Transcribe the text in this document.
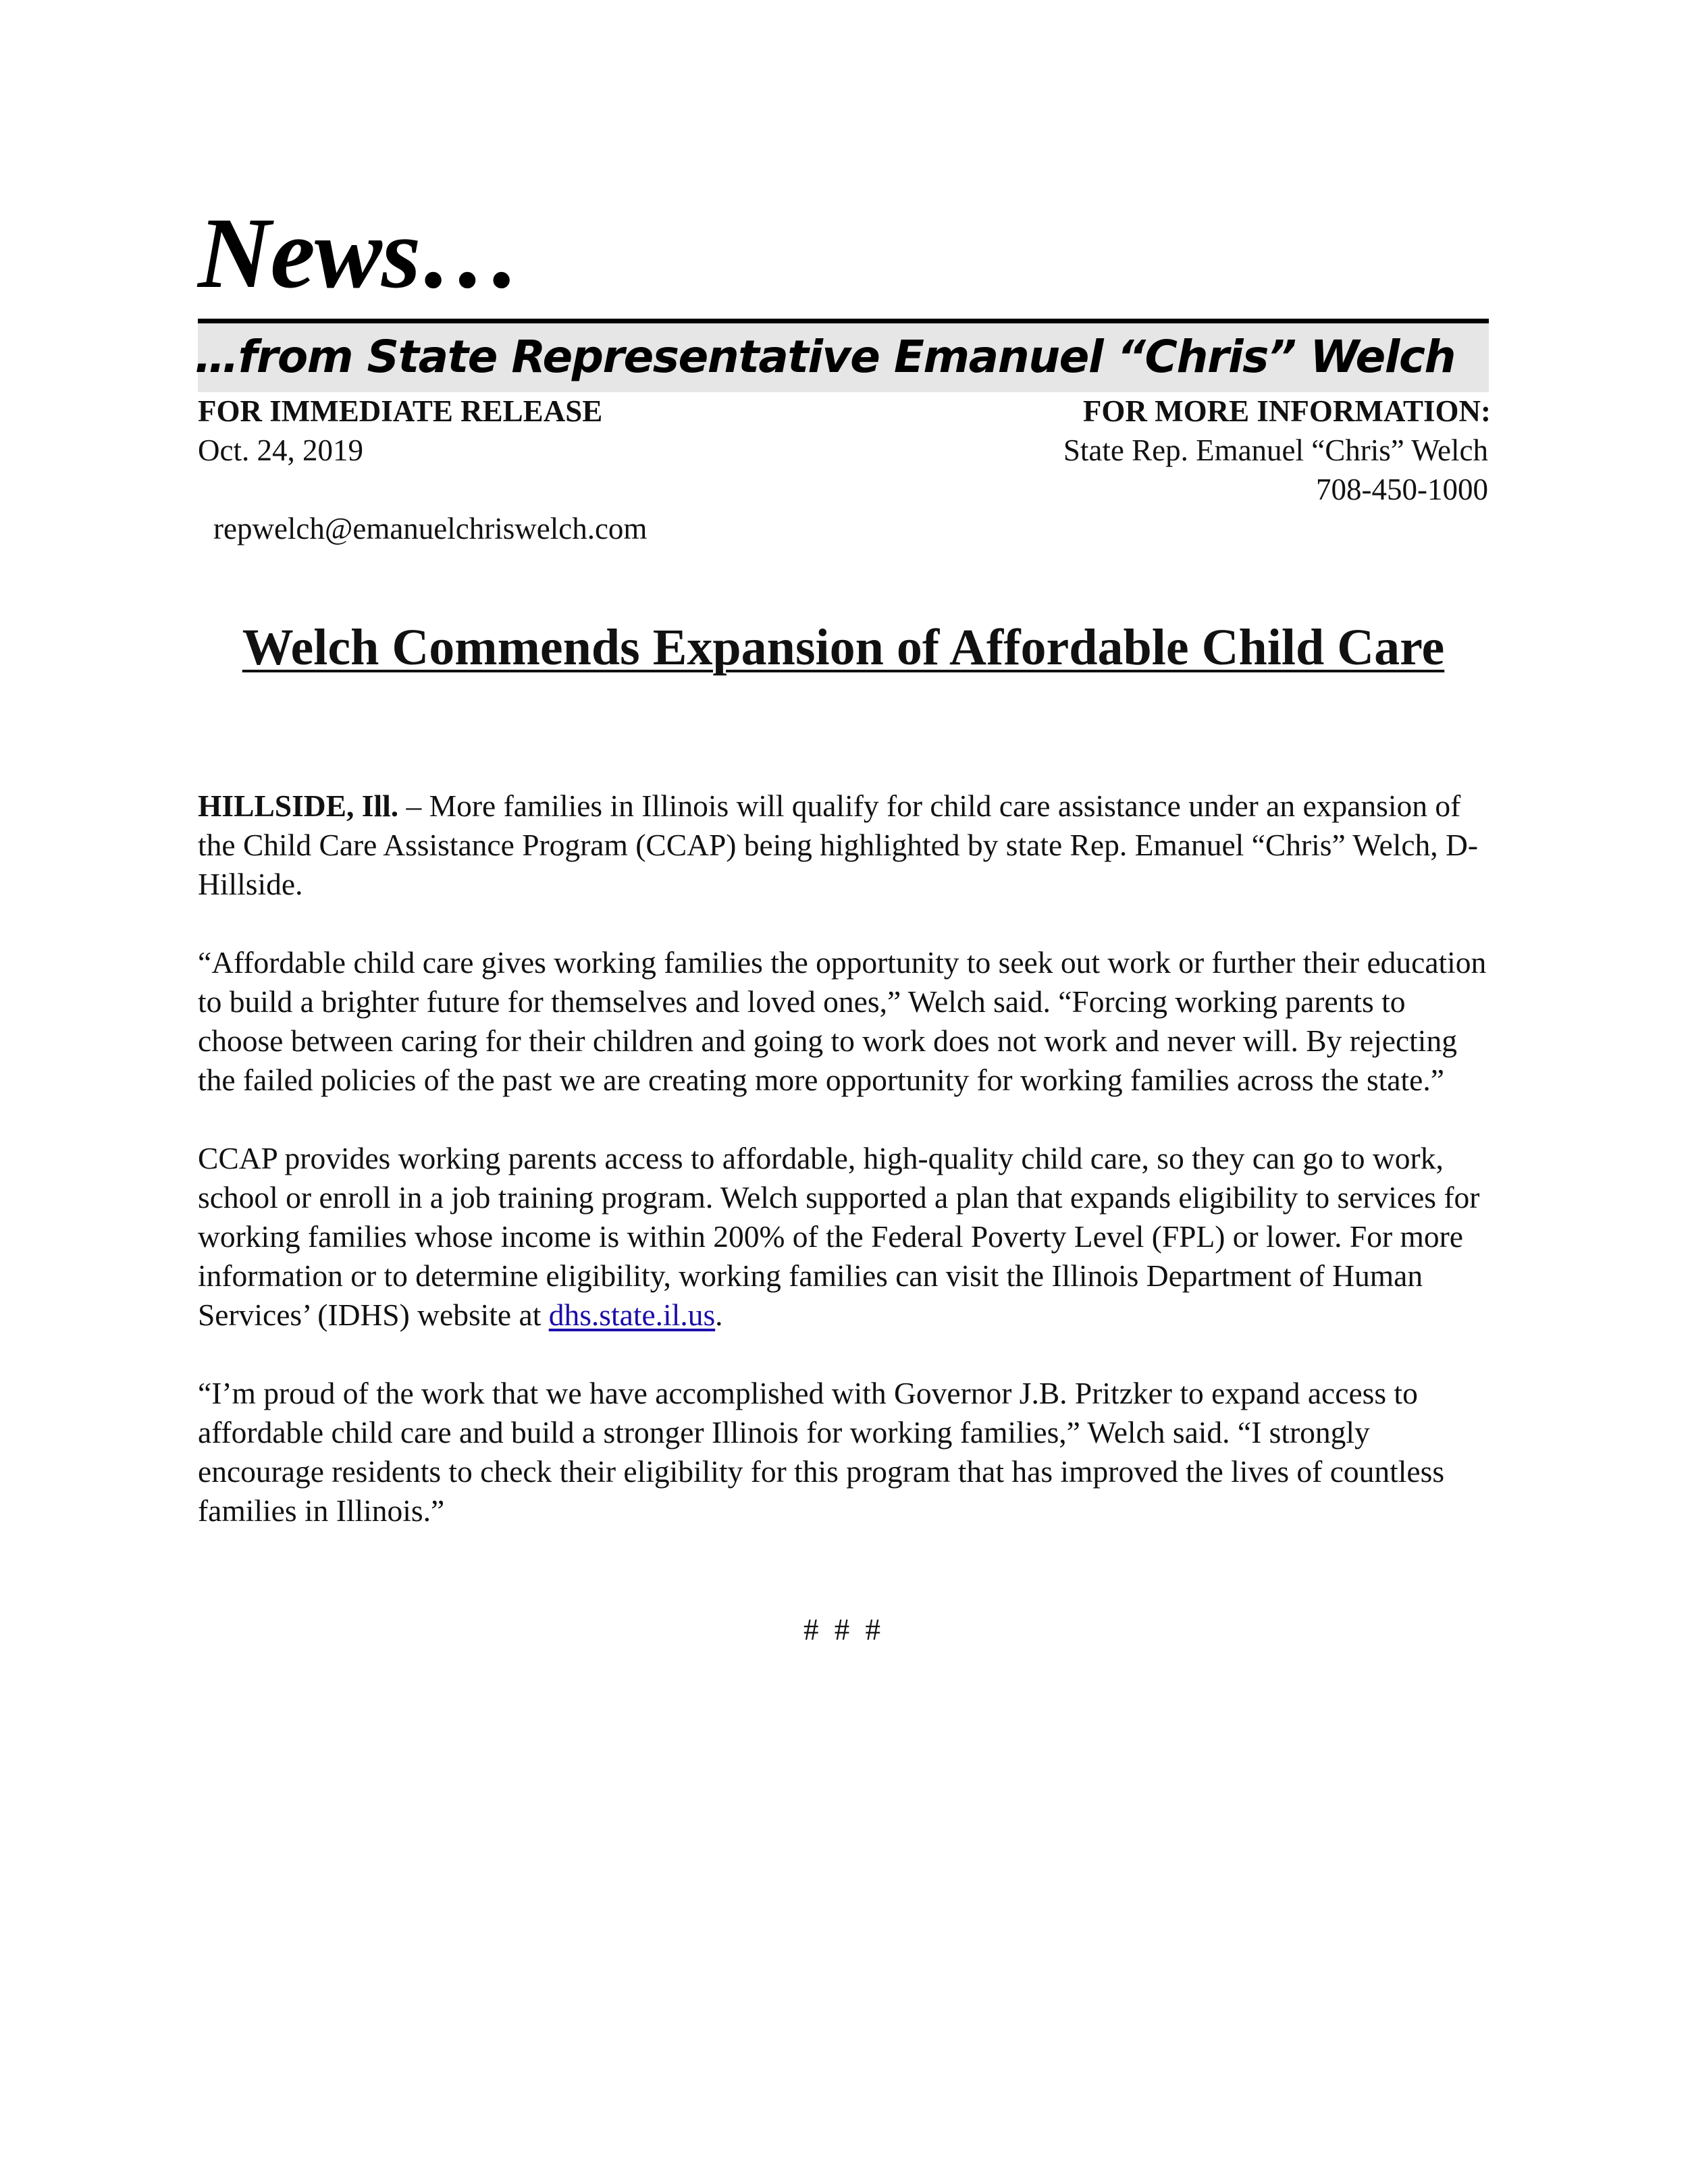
News…
…from State Representative Emanuel “Chris” Welch
FOR IMMEDIATE RELEASE
Oct. 24, 2019
FOR MORE INFORMATION:
State Rep. Emanuel “Chris” Welch
708-450-1000
repwelch@emanuelchriswelch.com
Welch Commends Expansion of Affordable Child Care

HILLSIDE, Ill. – More families in Illinois will qualify for child care assistance under an expansion of the Child Care Assistance Program (CCAP) being highlighted by state Rep. Emanuel “Chris” Welch, D-Hillside.

“Affordable child care gives working families the opportunity to seek out work or further their education to build a brighter future for themselves and loved ones,” Welch said. “Forcing working parents to choose between caring for their children and going to work does not work and never will. By rejecting the failed policies of the past we are creating more opportunity for working families across the state.”

CCAP provides working parents access to affordable, high-quality child care, so they can go to work, school or enroll in a job training program. Welch supported a plan that expands eligibility to services for working families whose income is within 200% of the Federal Poverty Level (FPL) or lower. For more information or to determine eligibility, working families can visit the Illinois Department of Human Services’ (IDHS) website at dhs.state.il.us.

“I’m proud of the work that we have accomplished with Governor J.B. Pritzker to expand access to affordable child care and build a stronger Illinois for working families,” Welch said. “I strongly encourage residents to check their eligibility for this program that has improved the lives of countless families in Illinois.”

# # #
